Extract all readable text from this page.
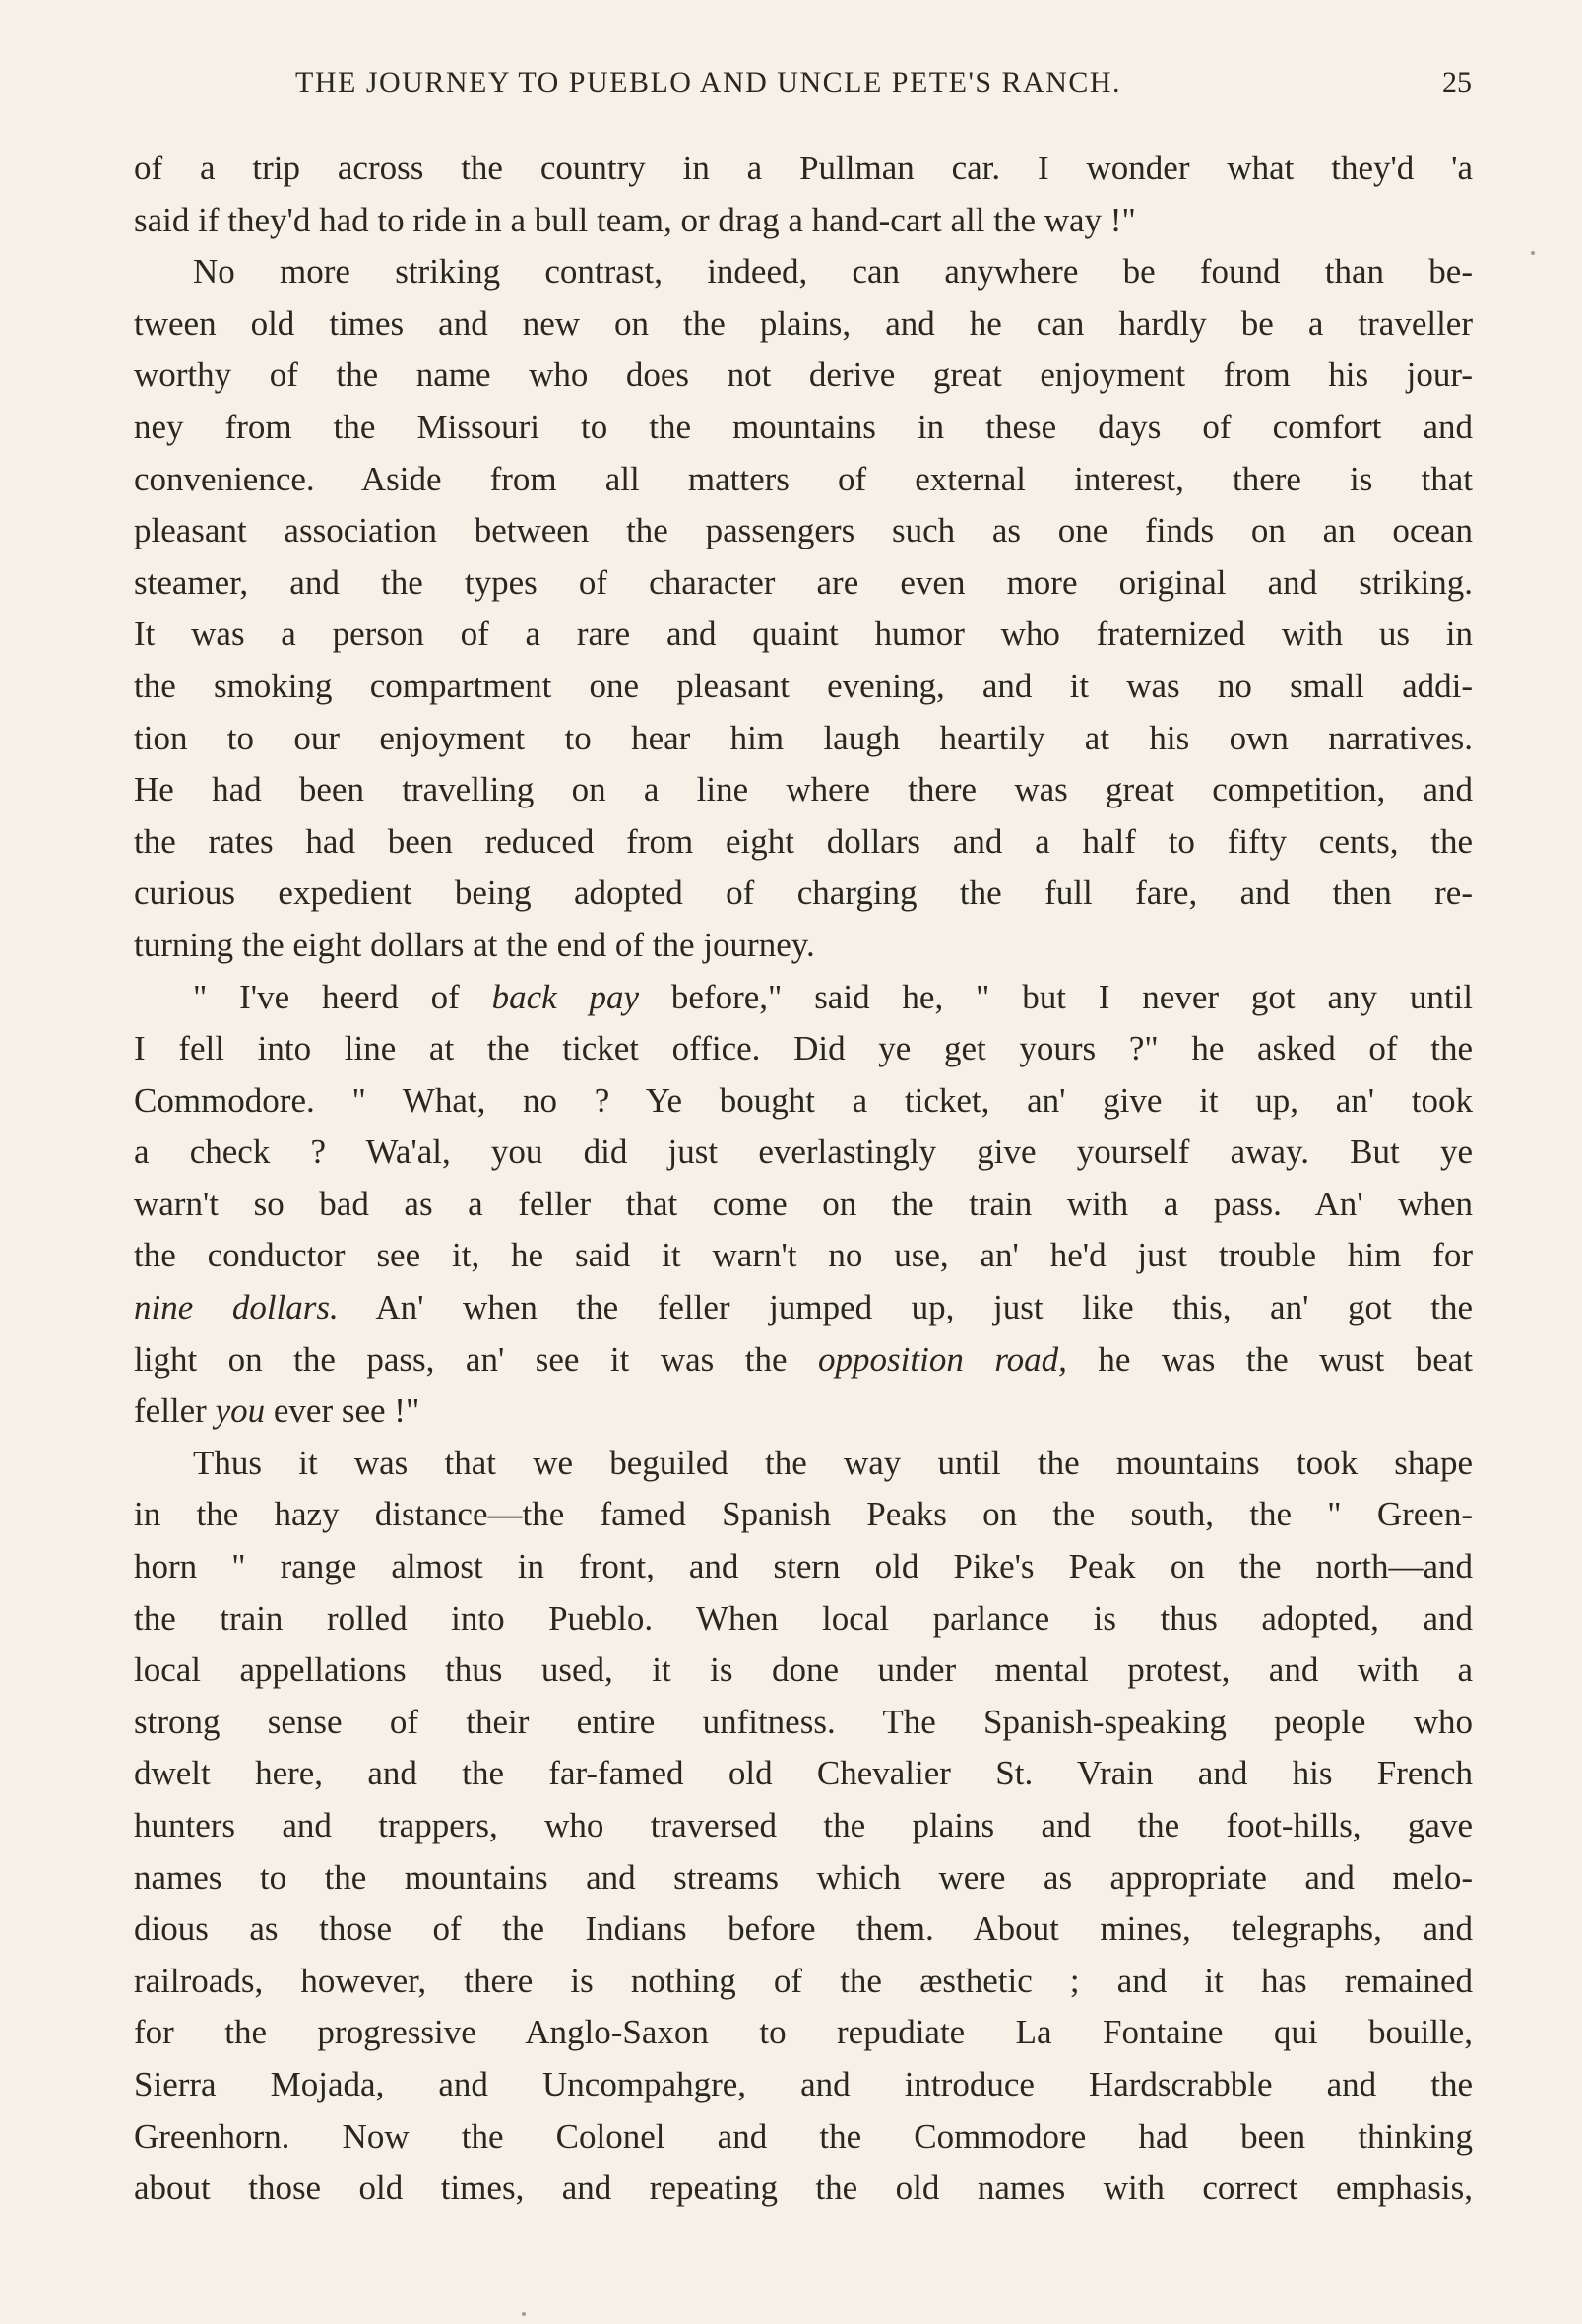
THE JOURNEY TO PUEBLO AND UNCLE PETE'S RANCH.	25
of a trip across the country in a Pullman car. I wonder what they'd 'a
said if they'd had to ride in a bull team, or drag a hand-cart all the way !"
No more striking contrast, indeed, can anywhere be found than be-
tween old times and new on the plains, and he can hardly be a traveller
worthy of the name who does not derive great enjoyment from his jour-
ney from the Missouri to the mountains in these days of comfort and
convenience. Aside from all matters of external interest, there is that
pleasant association between the passengers such as one finds on an ocean
steamer, and the types of character are even more original and striking.
It was a person of a rare and quaint humor who fraternized with us in
the smoking compartment one pleasant evening, and it was no small addi-
tion to our enjoyment to hear him laugh heartily at his own narratives.
He had been travelling on a line where there was great competition, and
the rates had been reduced from eight dollars and a half to fifty cents, the
curious expedient being adopted of charging the full fare, and then re-
turning the eight dollars at the end of the journey.
" I've heerd of back pay before," said he, " but I never got any until
I fell into line at the ticket office. Did ye get yours ?" he asked of the
Commodore. " What, no ? Ye bought a ticket, an' give it up, an' took
a check ? Wa'al, you did just everlastingly give yourself away. But ye
warn't so bad as a feller that come on the train with a pass. An' when
the conductor see it, he said it warn't no use, an' he'd just trouble him for
nine dollars. An' when the feller jumped up, just like this, an' got the
light on the pass, an' see it was the opposition road, he was the wust beat
feller you ever see !"
Thus it was that we beguiled the way until the mountains took shape
in the hazy distance—the famed Spanish Peaks on the south, the " Green-
horn " range almost in front, and stern old Pike's Peak on the north—and
the train rolled into Pueblo. When local parlance is thus adopted, and
local appellations thus used, it is done under mental protest, and with a
strong sense of their entire unfitness. The Spanish-speaking people who
dwelt here, and the far-famed old Chevalier St. Vrain and his French
hunters and trappers, who traversed the plains and the foot-hills, gave
names to the mountains and streams which were as appropriate and melo-
dious as those of the Indians before them. About mines, telegraphs, and
railroads, however, there is nothing of the æsthetic ; and it has remained
for the progressive Anglo-Saxon to repudiate La Fontaine qui bouille,
Sierra Mojada, and Uncompahgre, and introduce Hardscrabble and the
Greenhorn. Now the Colonel and the Commodore had been thinking
about those old times, and repeating the old names with correct emphasis,
